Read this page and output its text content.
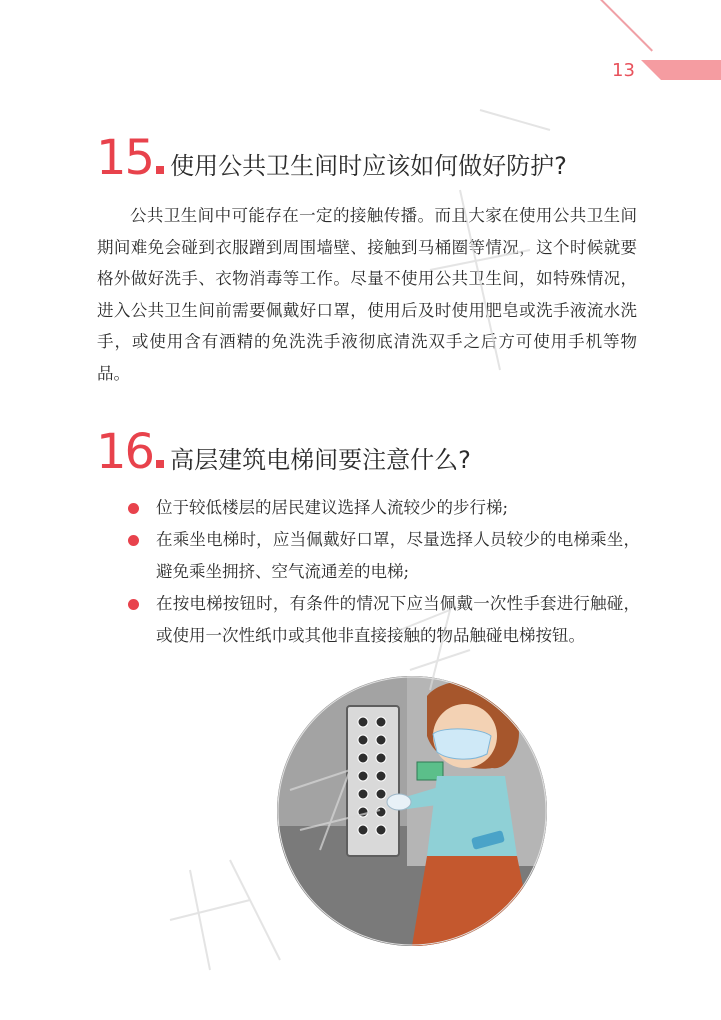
13
15 使用公共卫生间时应该如何做好防护?
公共卫生间中可能存在一定的接触传播。而且大家在使用公共卫生间期间难免会碰到衣服蹭到周围墙壁、接触到马桶圈等情况，这个时候就要格外做好洗手、衣物消毒等工作。尽量不使用公共卫生间，如特殊情况，进入公共卫生间前需要佩戴好口罩，使用后及时使用肥皂或洗手液流水洗手，或使用含有酒精的免洗洗手液彻底清洗双手之后方可使用手机等物品。
16 高层建筑电梯间要注意什么?
位于较低楼层的居民建议选择人流较少的步行梯;
在乘坐电梯时，应当佩戴好口罩，尽量选择人员较少的电梯乘坐，避免乘坐拥挤、空气流通差的电梯;
在按电梯按钮时，有条件的情况下应当佩戴一次性手套进行触碰，或使用一次性纸巾或其他非直接接触的物品触碰电梯按钮。
